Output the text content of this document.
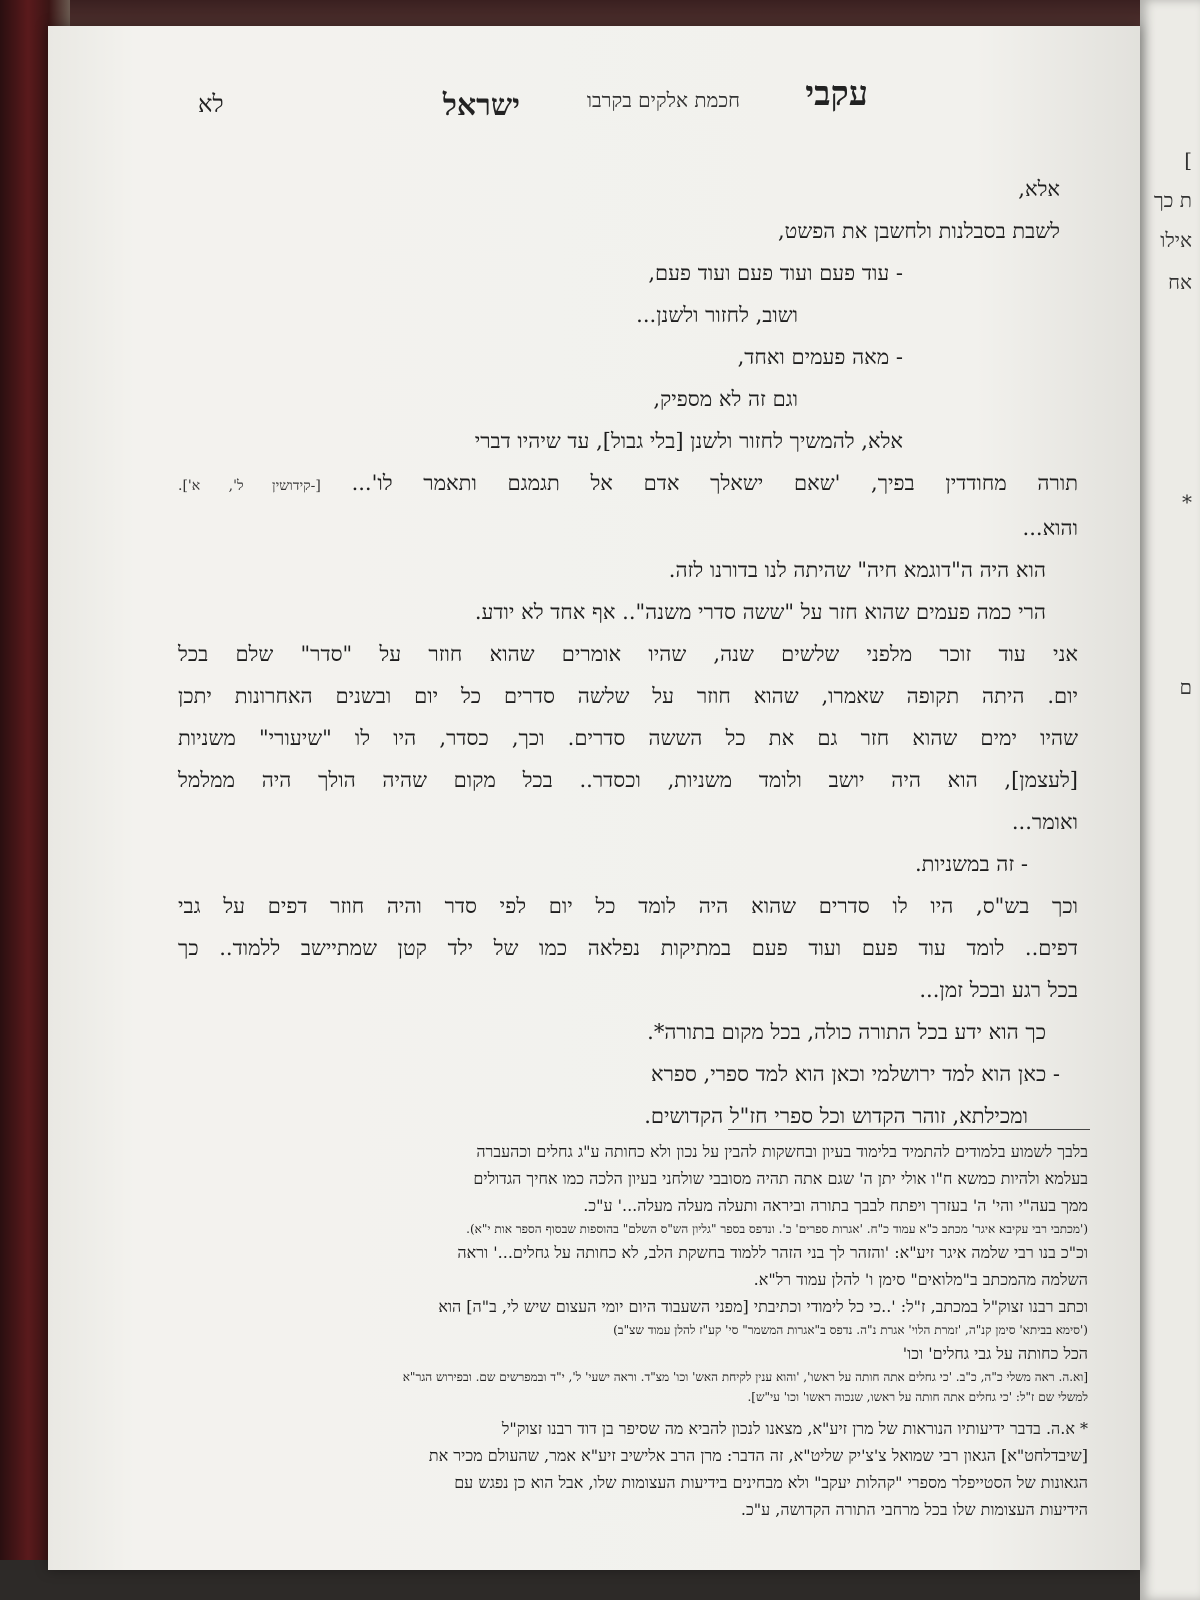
]
ת כך
אילו
אח
*
ם
עקבי
חכמת אלקים בקרבו
ישראל
לא
אלא,
לשבת בסבלנות ולחשבן את הפשט,
- עוד פעם ועוד פעם ועוד פעם,
ושוב, לחזור ולשנן...
- מאה פעמים ואחד,
וגם זה לא מספיק,
אלא, להמשיך לחזור ולשנן [בלי גבול], עד שיהיו דברי
תורה מחודדין בפיך, 'שאם ישאלך אדם אל תגמגם ותאמר לו'... [-קידושין ל', א'].
והוא...
הוא היה ה"דוגמא חיה" שהיתה לנו בדורנו לזה.
הרי כמה פעמים שהוא חזר על "ששה סדרי משנה".. אף אחד לא יודע.
אני עוד זוכר מלפני שלשים שנה, שהיו אומרים שהוא חוזר על "סדר" שלם בכל
יום. היתה תקופה שאמרו, שהוא חוזר על שלשה סדרים כל יום ובשנים האחרונות יתכן
שהיו ימים שהוא חזר גם את כל הששה סדרים. וכך, כסדר, היו לו "שיעורי" משניות
[לעצמן], הוא היה יושב ולומד משניות, וכסדר.. בכל מקום שהיה הולך היה ממלמל
ואומר...
- זה במשניות.
וכך בש"ס, היו לו סדרים שהוא היה לומד כל יום לפי סדר והיה חוזר דפים על גבי
דפים.. לומד עוד פעם ועוד פעם במתיקות נפלאה כמו של ילד קטן שמתיישב ללמוד.. כך
בכל רגע ובכל זמן...
כך הוא ידע בכל התורה כולה, בכל מקום בתורה*.
- כאן הוא למד ירושלמי וכאן הוא למד ספרי, ספרא
ומכילתא, זוהר הקדוש וכל ספרי חז"ל הקדושים.
בלבך לשמוע בלמודים להתמיד בלימוד בעיון ובחשקות להבין על נכון ולא כחותה ע"ג גחלים וכהעברה
בעלמא ולהיות כמשא ח"ו אולי יתן ה' שגם אתה תהיה מסובבי שולחני בעיון הלכה כמו אחיך הגדולים
ממך בעה"י והי' ה' בעזרך ויפתח לבבך בתורה וביראה ותעלה מעלה מעלה...' ע"כ.
('מכתבי רבי עקיבא איגר' מכתב כ"א עמוד כ"ח. 'אגרות ספרים' כ'. ונדפס בספר "גליון הש"ס השלם" בהוספות שבסוף הספר אות י"א).
וכ"כ בנו רבי שלמה איגר זיע"א: 'והזהר לך בני הזהר ללמוד בחשקת הלב, לא כחותה על גחלים...' וראה
השלמה מהמכתב ב"מלואים" סימן ו' להלן עמוד רל"א.
וכתב רבנו זצוק"ל במכתב, ז"ל: '..כי כל לימודי וכתיבתי [מפני השעבוד היום יומי העצום שיש לי, ב"ה] הוא
('סימא בביתא' סימן קנ"ה, 'זמרת הלוי' אגרת נ"ה. נדפס ב"אגרות המשמר" סי' קע"ז להלן עמוד שצ"ב)
הכל כחותה על גבי גחלים' וכו'
[וא.ה. ראה משלי כ"ה, כ"ב. 'כי גחלים אתה חותה על ראשו', 'והוא ענין לקיחת האש' וכו' מצ"ד. וראה ישעי' ל', י"ד ובמפרשים שם. ובפירוש הגר"א
למשלי שם ז"ל: 'כי גחלים אתה חותה על ראשו, שנכוה ראשו' וכו' עי"ש].
* א.ה. בדבר ידיעותיו הנוראות של מרן זיע"א, מצאנו לנכון להביא מה שסיפר בן דוד רבנו זצוק"ל
[שיבדלחט"א] הגאון רבי שמואל צ'צ'יק שליט"א, זה הדבר: מרן הרב אלישיב זיע"א אמר, שהעולם מכיר את
הגאונות של הסטייפלר מספרי "קהלות יעקב" ולא מבחינים בידיעות העצומות שלו, אבל הוא כן נפגש עם
הידיעות העצומות שלו בכל מרחבי התורה הקדושה, ע"כ.
